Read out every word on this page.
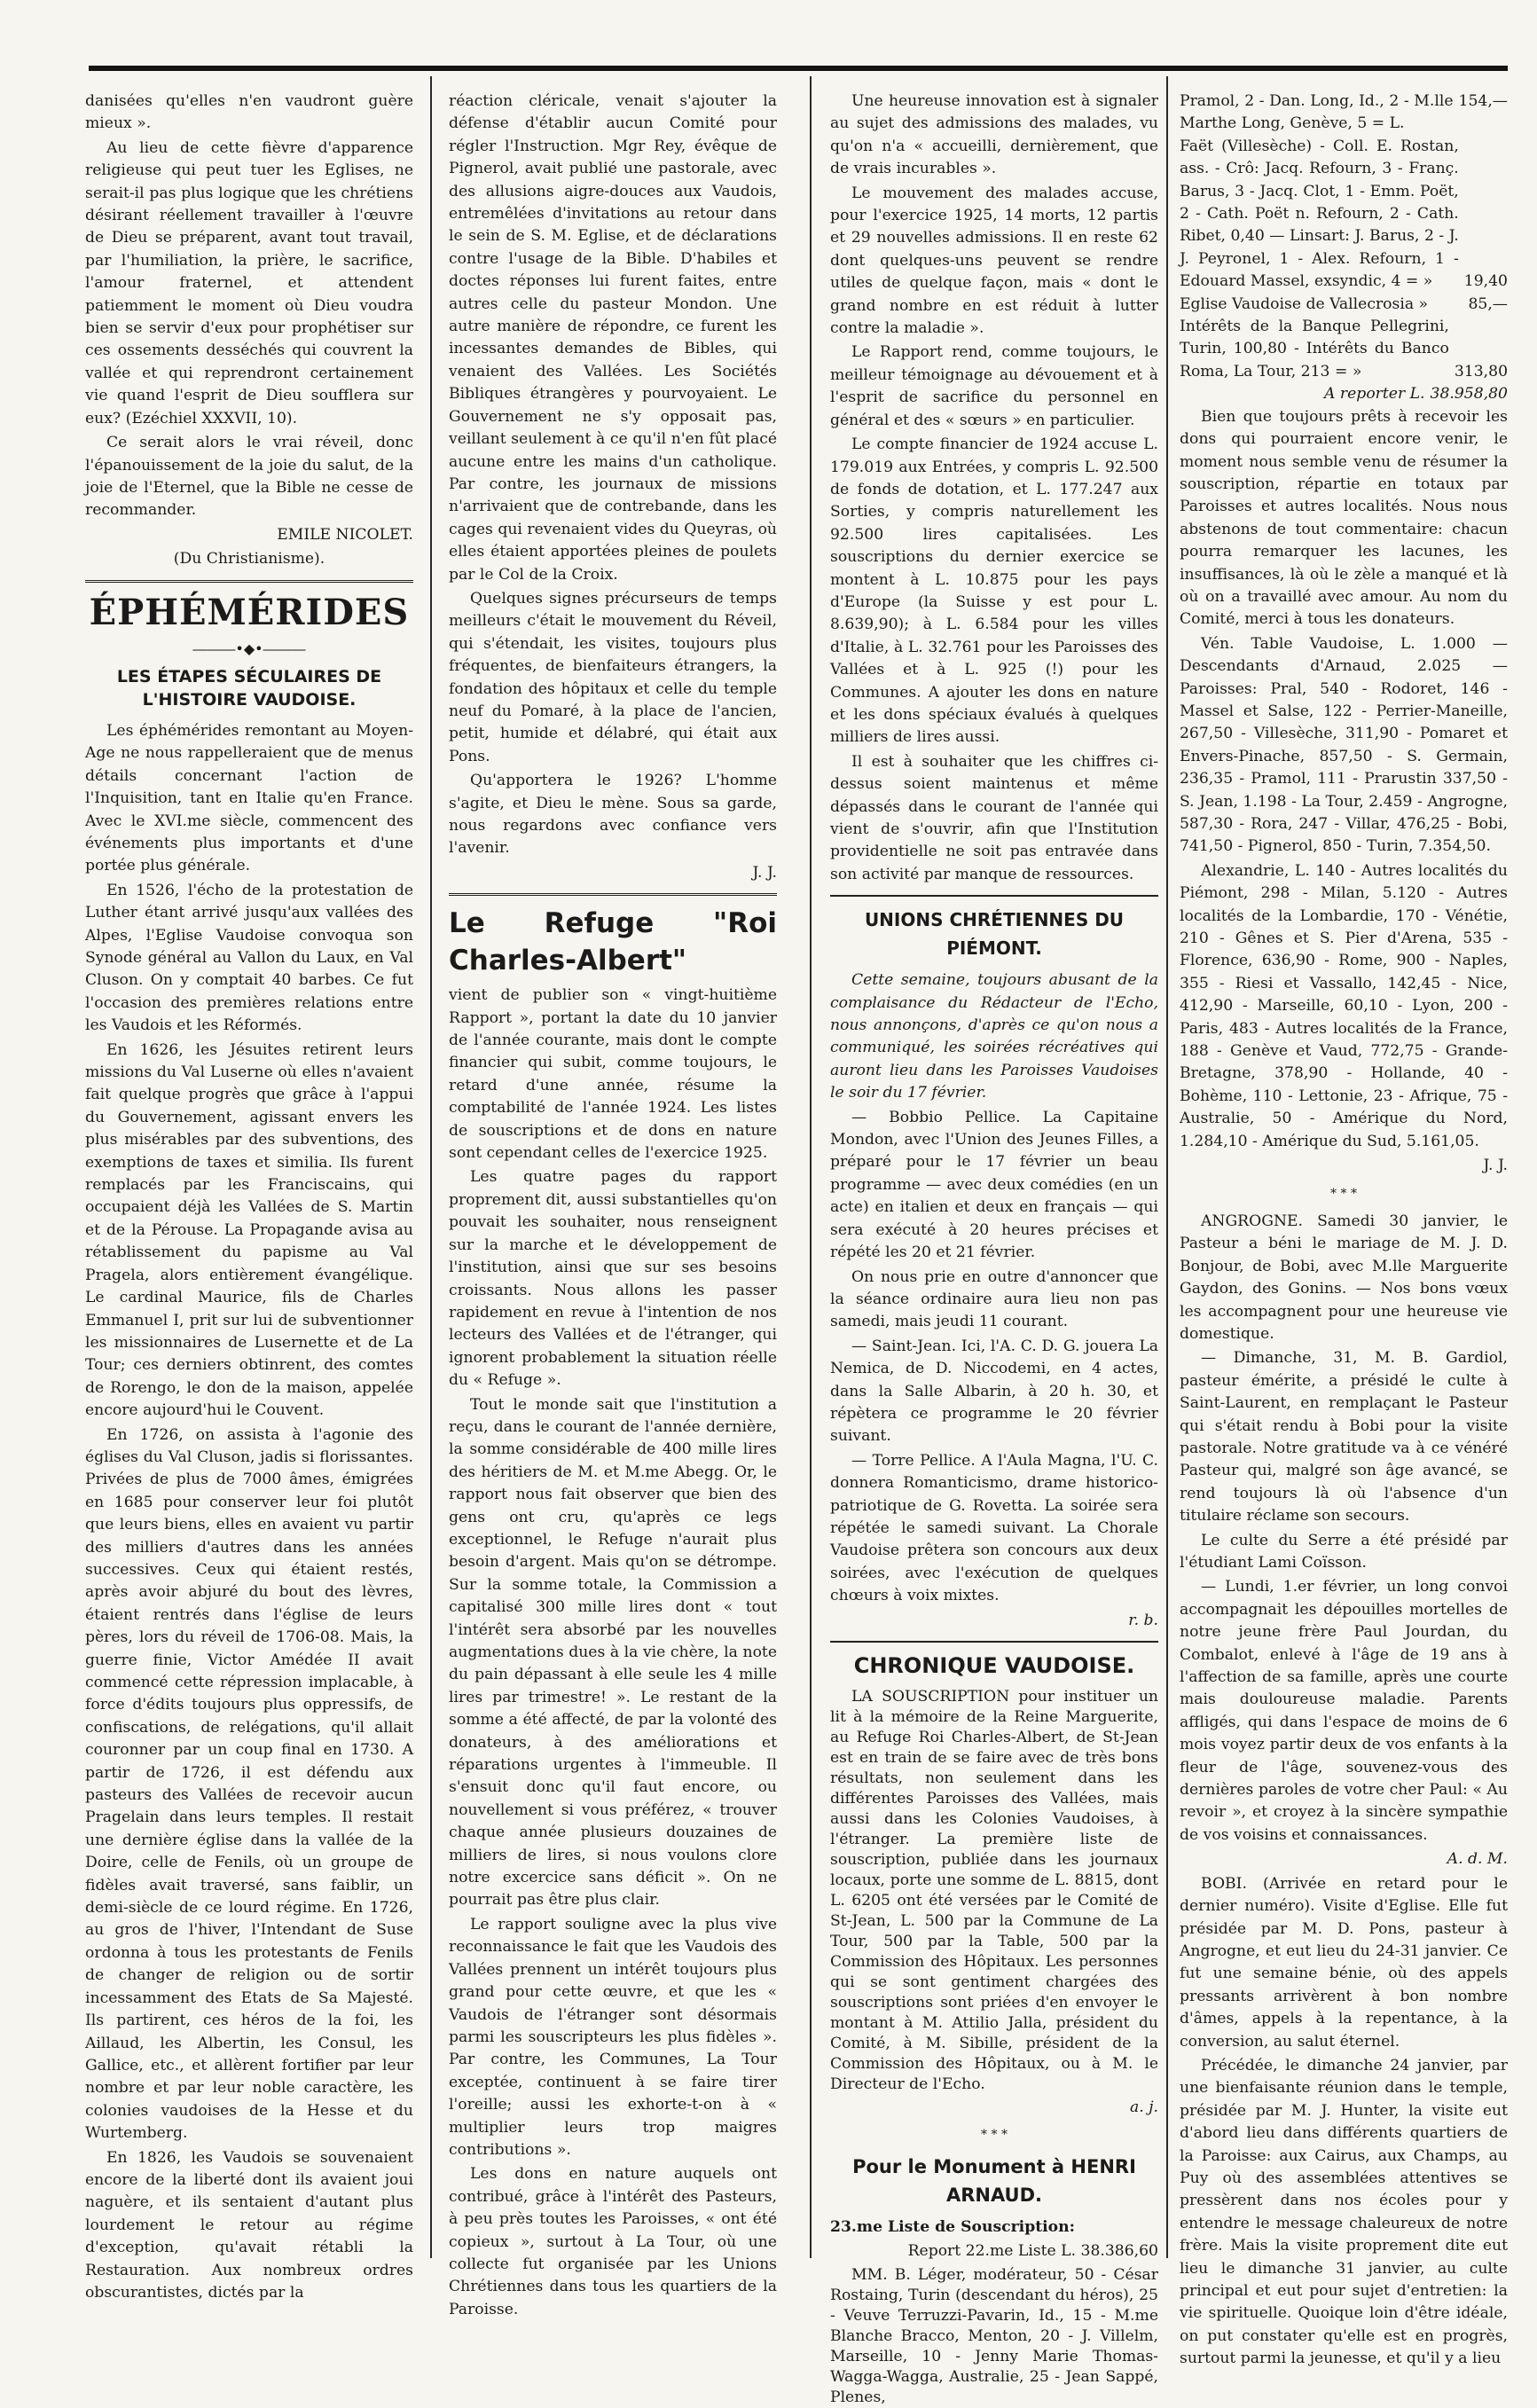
danisées qu'elles n'en vaudront guère mieux ».

Au lieu de cette fièvre d'apparence religieuse qui peut tuer les Eglises, ne serait-il pas plus logique que les chrétiens désirant réellement travailler à l'œuvre de Dieu se préparent, avant tout travail, par l'humiliation, la prière, le sacrifice, l'amour fraternel, et attendent patiemment le moment où Dieu voudra bien se servir d'eux pour prophétiser sur ces ossements desséchés qui couvrent la vallée et qui reprendront certainement vie quand l'esprit de Dieu soufflera sur eux? (Ezéchiel XXXVII, 10).

Ce serait alors le vrai réveil, donc l'épanouissement de la joie du salut, de la joie de l'Eternel, que la Bible ne cesse de recommander.

EMILE NICOLET.

(Du Christianisme).

ÉPHÉMÉRIDES
―――•◆•―――
LES ÉTAPES SÉCULAIRES DE L'HISTOIRE VAUDOISE.

Les éphémérides remontant au Moyen-Age ne nous rappelleraient que de menus détails concernant l'action de l'Inquisition, tant en Italie qu'en France. Avec le XVI.me siècle, commencent des événements plus importants et d'une portée plus générale.

En 1526, l'écho de la protestation de Luther étant arrivé jusqu'aux vallées des Alpes, l'Eglise Vaudoise convoqua son Synode général au Vallon du Laux, en Val Cluson. On y comptait 40 barbes. Ce fut l'occasion des premières relations entre les Vaudois et les Réformés.

En 1626, les Jésuites retirent leurs missions du Val Luserne où elles n'avaient fait quelque progrès que grâce à l'appui du Gouvernement, agissant envers les plus misérables par des subventions, des exemptions de taxes et similia. Ils furent remplacés par les Franciscains, qui occupaient déjà les Vallées de S. Martin et de la Pérouse. La Propagande avisa au rétablissement du papisme au Val Pragela, alors entièrement évangélique. Le cardinal Maurice, fils de Charles Emmanuel I, prit sur lui de subventionner les missionnaires de Lusernette et de La Tour; ces derniers obtinrent, des comtes de Rorengo, le don de la maison, appelée encore aujourd'hui le Couvent.

En 1726, on assista à l'agonie des églises du Val Cluson, jadis si florissantes. Privées de plus de 7000 âmes, émigrées en 1685 pour conserver leur foi plutôt que leurs biens, elles en avaient vu partir des milliers d'autres dans les années successives. Ceux qui étaient restés, après avoir abjuré du bout des lèvres, étaient rentrés dans l'église de leurs pères, lors du réveil de 1706-08. Mais, la guerre finie, Victor Amédée II avait commencé cette répression implacable, à force d'édits toujours plus oppressifs, de confiscations, de relégations, qu'il allait couronner par un coup final en 1730. A partir de 1726, il est défendu aux pasteurs des Vallées de recevoir aucun Pragelain dans leurs temples. Il restait une dernière église dans la vallée de la Doire, celle de Fenils, où un groupe de fidèles avait traversé, sans faiblir, un demi-siècle de ce lourd régime. En 1726, au gros de l'hiver, l'Intendant de Suse ordonna à tous les protestants de Fenils de changer de religion ou de sortir incessamment des Etats de Sa Majesté. Ils partirent, ces héros de la foi, les Aillaud, les Albertin, les Consul, les Gallice, etc., et allèrent fortifier par leur nombre et par leur noble caractère, les colonies vaudoises de la Hesse et du Wurtemberg.

En 1826, les Vaudois se souvenaient encore de la liberté dont ils avaient joui naguère, et ils sentaient d'autant plus lourdement le retour au régime d'exception, qu'avait rétabli la Restauration. Aux nombreux ordres obscurantistes, dictés par la

réaction cléricale, venait s'ajouter la défense d'établir aucun Comité pour régler l'Instruction. Mgr Rey, évêque de Pignerol, avait publié une pastorale, avec des allusions aigre-douces aux Vaudois, entremêlées d'invitations au retour dans le sein de S. M. Eglise, et de déclarations contre l'usage de la Bible. D'habiles et doctes réponses lui furent faites, entre autres celle du pasteur Mondon. Une autre manière de répondre, ce furent les incessantes demandes de Bibles, qui venaient des Vallées. Les Sociétés Bibliques étrangères y pourvoyaient. Le Gouvernement ne s'y opposait pas, veillant seulement à ce qu'il n'en fût placé aucune entre les mains d'un catholique. Par contre, les journaux de missions n'arrivaient que de contrebande, dans les cages qui revenaient vides du Queyras, où elles étaient apportées pleines de poulets par le Col de la Croix.

Quelques signes précurseurs de temps meilleurs c'était le mouvement du Réveil, qui s'étendait, les visites, toujours plus fréquentes, de bienfaiteurs étrangers, la fondation des hôpitaux et celle du temple neuf du Pomaré, à la place de l'ancien, petit, humide et délabré, qui était aux Pons.

Qu'apportera le 1926? L'homme s'agite, et Dieu le mène. Sous sa garde, nous regardons avec confiance vers l'avenir.

J. J.

Le Refuge "Roi Charles-Albert"

vient de publier son « vingt-huitième Rapport », portant la date du 10 janvier de l'année courante, mais dont le compte financier qui subit, comme toujours, le retard d'une année, résume la comptabilité de l'année 1924. Les listes de souscriptions et de dons en nature sont cependant celles de l'exercice 1925.

Les quatre pages du rapport proprement dit, aussi substantielles qu'on pouvait les souhaiter, nous renseignent sur la marche et le développement de l'institution, ainsi que sur ses besoins croissants. Nous allons les passer rapidement en revue à l'intention de nos lecteurs des Vallées et de l'étranger, qui ignorent probablement la situation réelle du « Refuge ».

Tout le monde sait que l'institution a reçu, dans le courant de l'année dernière, la somme considérable de 400 mille lires des héritiers de M. et M.me Abegg. Or, le rapport nous fait observer que bien des gens ont cru, qu'après ce legs exceptionnel, le Refuge n'aurait plus besoin d'argent. Mais qu'on se détrompe. Sur la somme totale, la Commission a capitalisé 300 mille lires dont « tout l'intérêt sera absorbé par les nouvelles augmentations dues à la vie chère, la note du pain dépassant à elle seule les 4 mille lires par trimestre! ». Le restant de la somme a été affecté, de par la volonté des donateurs, à des améliorations et réparations urgentes à l'immeuble. Il s'ensuit donc qu'il faut encore, ou nouvellement si vous préférez, « trouver chaque année plusieurs douzaines de milliers de lires, si nous voulons clore notre excercice sans déficit ». On ne pourrait pas être plus clair.

Le rapport souligne avec la plus vive reconnaissance le fait que les Vaudois des Vallées prennent un intérêt toujours plus grand pour cette œuvre, et que les « Vaudois de l'étranger sont désormais parmi les souscripteurs les plus fidèles ». Par contre, les Communes, La Tour exceptée, continuent à se faire tirer l'oreille; aussi les exhorte-t-on à « multiplier leurs trop maigres contributions ».

Les dons en nature auquels ont contribué, grâce à l'intérêt des Pasteurs, à peu près toutes les Paroisses, « ont été copieux », surtout à La Tour, où une collecte fut organisée par les Unions Chrétiennes dans tous les quartiers de la Paroisse.

Une heureuse innovation est à signaler au sujet des admissions des malades, vu qu'on n'a « accueilli, dernièrement, que de vrais incurables ».

Le mouvement des malades accuse, pour l'exercice 1925, 14 morts, 12 partis et 29 nouvelles admissions. Il en reste 62 dont quelques-uns peuvent se rendre utiles de quelque façon, mais « dont le grand nombre en est réduit à lutter contre la maladie ».

Le Rapport rend, comme toujours, le meilleur témoignage au dévouement et à l'esprit de sacrifice du personnel en général et des « sœurs » en particulier.

Le compte financier de 1924 accuse L. 179.019 aux Entrées, y compris L. 92.500 de fonds de dotation, et L. 177.247 aux Sorties, y compris naturellement les 92.500 lires capitalisées. Les souscriptions du dernier exercice se montent à L. 10.875 pour les pays d'Europe (la Suisse y est pour L. 8.639,90); à L. 6.584 pour les villes d'Italie, à L. 32.761 pour les Paroisses des Vallées et à L. 925 (!) pour les Communes. A ajouter les dons en nature et les dons spéciaux évalués à quelques milliers de lires aussi.

Il est à souhaiter que les chiffres ci-dessus soient maintenus et même dépassés dans le courant de l'année qui vient de s'ouvrir, afin que l'Institution providentielle ne soit pas entravée dans son activité par manque de ressources.

UNIONS CHRÉTIENNES DU PIÉMONT.

Cette semaine, toujours abusant de la complaisance du Rédacteur de l'Echo, nous annonçons, d'après ce qu'on nous a communiqué, les soirées récréatives qui auront lieu dans les Paroisses Vaudoises le soir du 17 février.

— Bobbio Pellice. La Capitaine Mondon, avec l'Union des Jeunes Filles, a préparé pour le 17 février un beau programme — avec deux comédies (en un acte) en italien et deux en français — qui sera exécuté à 20 heures précises et répété les 20 et 21 février.

On nous prie en outre d'annoncer que la séance ordinaire aura lieu non pas samedi, mais jeudi 11 courant.

— Saint-Jean. Ici, l'A. C. D. G. jouera La Nemica, de D. Niccodemi, en 4 actes, dans la Salle Albarin, à 20 h. 30, et répètera ce programme le 20 février suivant.

— Torre Pellice. A l'Aula Magna, l'U. C. donnera Romanticismo, drame historico-patriotique de G. Rovetta. La soirée sera répétée le samedi suivant. La Chorale Vaudoise prêtera son concours aux deux soirées, avec l'exécution de quelques chœurs à voix mixtes.

r. b.

CHRONIQUE VAUDOISE.

LA SOUSCRIPTION pour instituer un lit à la mémoire de la Reine Marguerite, au Refuge Roi Charles-Albert, de St-Jean est en train de se faire avec de très bons résultats, non seulement dans les différentes Paroisses des Vallées, mais aussi dans les Colonies Vaudoises, à l'étranger. La première liste de souscription, publiée dans les journaux locaux, porte une somme de L. 8815, dont L. 6205 ont été versées par le Comité de St-Jean, L. 500 par la Commune de La Tour, 500 par la Table, 500 par la Commission des Hôpitaux. Les personnes qui se sont gentiment chargées des souscriptions sont priées d'en envoyer le montant à M. Attilio Jalla, président du Comité, à M. Sibille, président de la Commission des Hôpitaux, ou à M. le Directeur de l'Echo.

a. j.

* * *
Pour le Monument à HENRI ARNAUD.

23.me Liste de Souscription:

Report 22.me Liste L. 38.386,60

MM. B. Léger, modérateur, 50 - César Rostaing, Turin (descendant du héros), 25 - Veuve Terruzzi-Pavarin, Id., 15 - M.me Blanche Bracco, Menton, 20 - J. Villelm, Marseille, 10 - Jenny Marie Thomas-Wagga-Wagga, Australie, 25 - Jean Sappé, Plenes,

Pramol, 2 - Dan. Long, Id., 2 - M.lle Marthe Long, Genève, 5 = L.
154,—
Faët (Villesèche) - Coll. E. Rostan, ass. - Crô: Jacq. Refourn, 3 - Franç. Barus, 3 - Jacq. Clot, 1 - Emm. Poët, 2 - Cath. Poët n. Refourn, 2 - Cath. Ribet, 0,40 — Linsart: J. Barus, 2 - J. J. Peyronel, 1 - Alex. Refourn, 1 - Edouard Massel, exsyndic, 4 = »	19,40
Eglise Vaudoise de Vallecrosia »	85,—
Intérêts de la Banque Pellegrini, Turin, 100,80 - Intérêts du Banco Roma, La Tour, 213 = »	313,80
A reporter L. 38.958,80

Bien que toujours prêts à recevoir les dons qui pourraient encore venir, le moment nous semble venu de résumer la souscription, répartie en totaux par Paroisses et autres localités. Nous nous abstenons de tout commentaire: chacun pourra remarquer les lacunes, les insuffisances, là où le zèle a manqué et là où on a travaillé avec amour. Au nom du Comité, merci à tous les donateurs.

Vén. Table Vaudoise, L. 1.000 — Descendants d'Arnaud, 2.025 — Paroisses: Pral, 540 - Rodoret, 146 - Massel et Salse, 122 - Perrier-Maneille, 267,50 - Villesèche, 311,90 - Pomaret et Envers-Pinache, 857,50 - S. Germain, 236,35 - Pramol, 111 - Prarustin 337,50 - S. Jean, 1.198 - La Tour, 2.459 - Angrogne, 587,30 - Rora, 247 - Villar, 476,25 - Bobi, 741,50 - Pignerol, 850 - Turin, 7.354,50.

Alexandrie, L. 140 - Autres localités du Piémont, 298 - Milan, 5.120 - Autres localités de la Lombardie, 170 - Vénétie, 210 - Gênes et S. Pier d'Arena, 535 - Florence, 636,90 - Rome, 900 - Naples, 355 - Riesi et Vassallo, 142,45 - Nice, 412,90 - Marseille, 60,10 - Lyon, 200 - Paris, 483 - Autres localités de la France, 188 - Genève et Vaud, 772,75 - Grande-Bretagne, 378,90 - Hollande, 40 - Bohème, 110 - Lettonie, 23 - Afrique, 75 - Australie, 50 - Amérique du Nord, 1.284,10 - Amérique du Sud, 5.161,05.

J. J.

* * *

ANGROGNE. Samedi 30 janvier, le Pasteur a béni le mariage de M. J. D. Bonjour, de Bobi, avec M.lle Marguerite Gaydon, des Gonins. — Nos bons vœux les accompagnent pour une heureuse vie domestique.

— Dimanche, 31, M. B. Gardiol, pasteur émérite, a présidé le culte à Saint-Laurent, en remplaçant le Pasteur qui s'était rendu à Bobi pour la visite pastorale. Notre gratitude va à ce vénéré Pasteur qui, malgré son âge avancé, se rend toujours là où l'absence d'un titulaire réclame son secours.

Le culte du Serre a été présidé par l'étudiant Lami Coïsson.

— Lundi, 1.er février, un long convoi accompagnait les dépouilles mortelles de notre jeune frère Paul Jourdan, du Combalot, enlevé à l'âge de 19 ans à l'affection de sa famille, après une courte mais douloureuse maladie. Parents affligés, qui dans l'espace de moins de 6 mois voyez partir deux de vos enfants à la fleur de l'âge, souvenez-vous des dernières paroles de votre cher Paul: « Au revoir », et croyez à la sincère sympathie de vos voisins et connaissances.

A. d. M.

BOBI. (Arrivée en retard pour le dernier numéro). Visite d'Eglise. Elle fut présidée par M. D. Pons, pasteur à Angrogne, et eut lieu du 24-31 janvier. Ce fut une semaine bénie, où des appels pressants arrivèrent à bon nombre d'âmes, appels à la repentance, à la conversion, au salut éternel.

Précédée, le dimanche 24 janvier, par une bienfaisante réunion dans le temple, présidée par M. J. Hunter, la visite eut d'abord lieu dans différents quartiers de la Paroisse: aux Cairus, aux Champs, au Puy où des assemblées attentives se pressèrent dans nos écoles pour y entendre le message chaleureux de notre frère. Mais la visite proprement dite eut lieu le dimanche 31 janvier, au culte principal et eut pour sujet d'entretien: la vie spirituelle. Quoique loin d'être idéale, on put constater qu'elle est en progrès, surtout parmi la jeunesse, et qu'il y a lieu
